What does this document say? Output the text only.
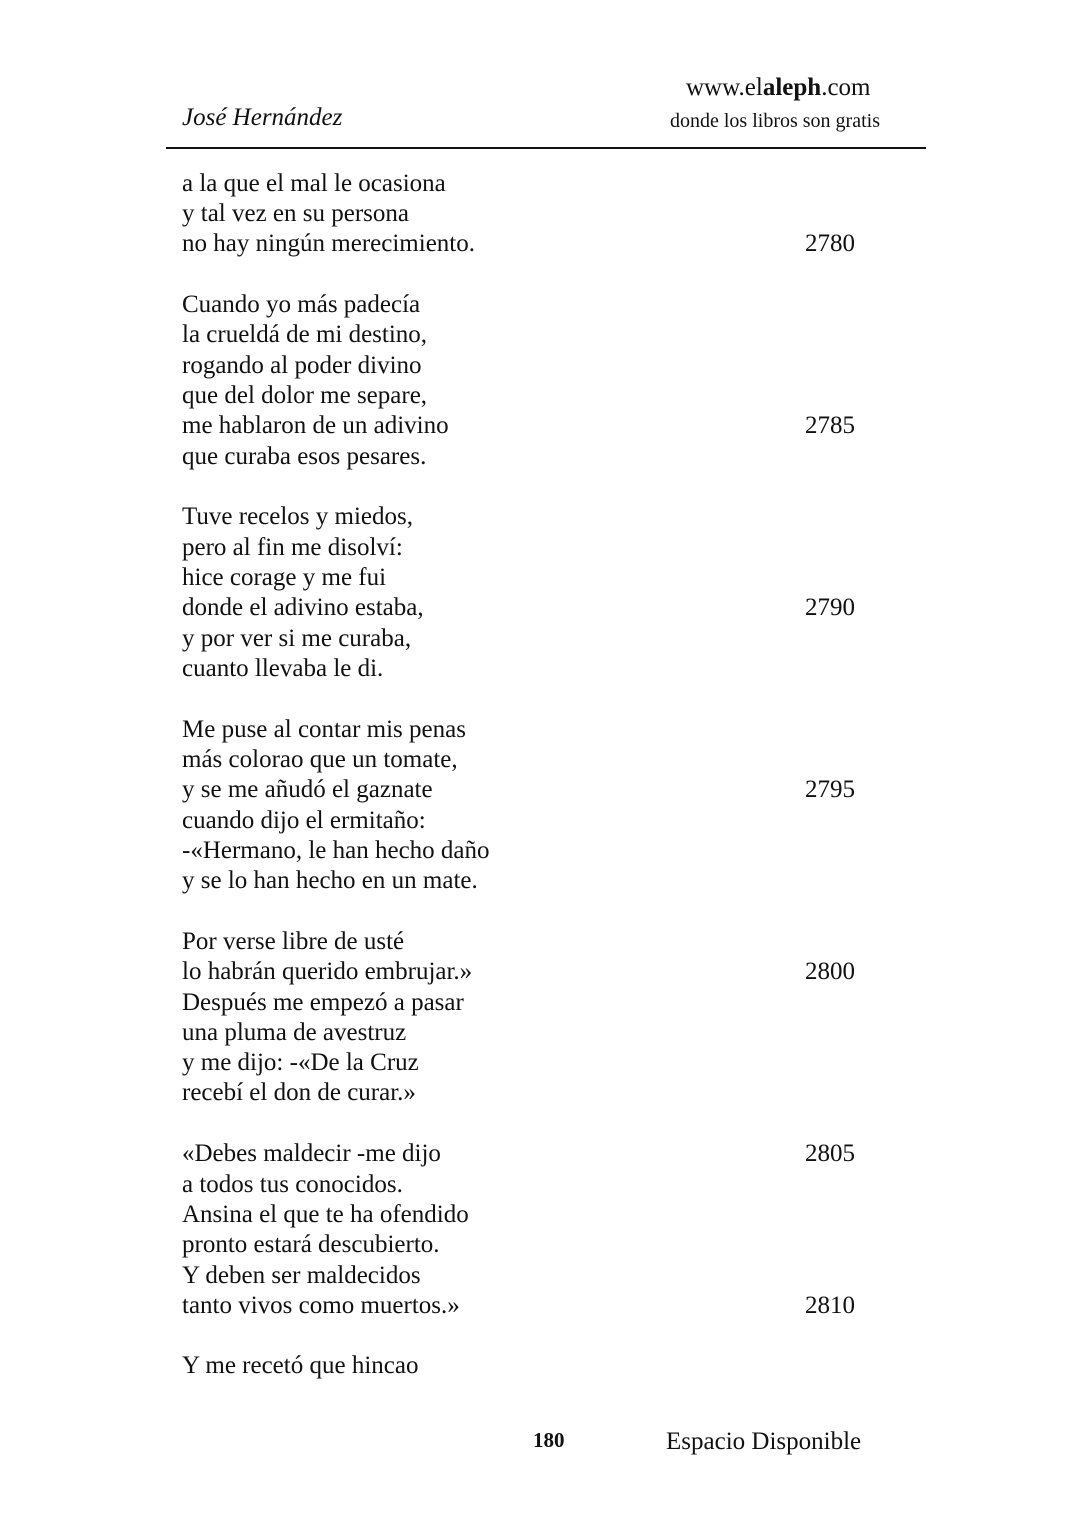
José Hernández
www.elaleph.com
donde los libros son gratis
a la que el mal le ocasiona
y tal vez en su persona
no hay ningún merecimiento.
Cuando yo más padecía
la crueldá de mi destino,
rogando al poder divino
que del dolor me separe,
me hablaron de un adivino
que curaba esos pesares.
Tuve recelos y miedos,
pero al fin me disolví:
hice corage y me fui
donde el adivino estaba,
y por ver si me curaba,
cuanto llevaba le di.
Me puse al contar mis penas
más colorao que un tomate,
y se me añudó el gaznate
cuando dijo el ermitaño:
-«Hermano, le han hecho daño
y se lo han hecho en un mate.
Por verse libre de usté
lo habrán querido embrujar.»
Después me empezó a pasar
una pluma de avestruz
y me dijo: -«De la Cruz
recebí el don de curar.»
«Debes maldecir -me dijo
a todos tus conocidos.
Ansina el que te ha ofendido
pronto estará descubierto.
Y deben ser maldecidos
tanto vivos como muertos.»
Y me recetó que hincao
2780
2785
2790
2795
2800
2805
2810
180	Espacio Disponible
